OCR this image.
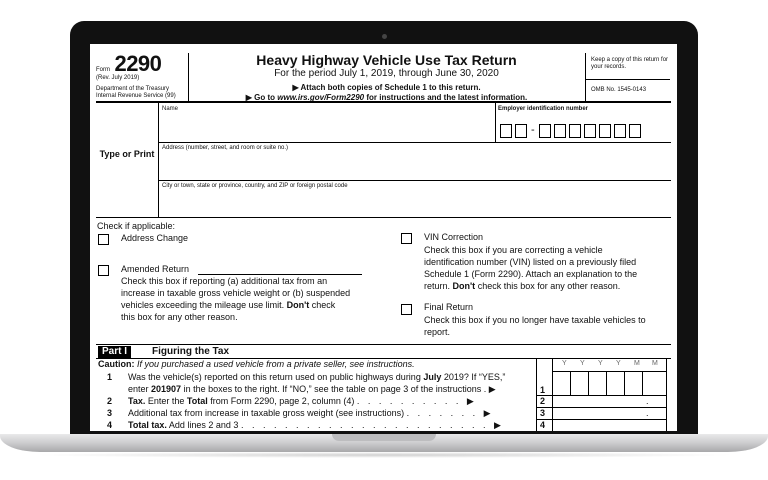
Form 2290
(Rev. July 2019)
Department of the Treasury
Internal Revenue Service (99)
Heavy Highway Vehicle Use Tax Return
For the period July 1, 2019, through June 30, 2020
▶ Attach both copies of Schedule 1 to this return.
▶ Go to www.irs.gov/Form2290 for instructions and the latest information.
Keep a copy of this return for your records.
OMB No. 1545-0143
Type or Print
Name	Employer identification number
-
Address (number, street, and room or suite no.)
City or town, state or province, country, and ZIP or foreign postal code
Check if applicable:
Address Change
Amended Return
Check this box if reporting (a) additional tax from an
increase in taxable gross vehicle weight or (b) suspended
vehicles exceeding the mileage use limit. Don't check
this box for any other reason.
VIN Correction
Check this box if you are correcting a vehicle
identification number (VIN) listed on a previously filed
Schedule 1 (Form 2290). Attach an explanation to the
return. Don't check this box for any other reason.
Final Return
Check this box if you no longer have taxable vehicles to
report.
Part I	Figuring the Tax
Caution: If you purchased a used vehicle from a private seller, see instructions.	Y Y Y Y M M
1 Was the vehicle(s) reported on this return used on public highways during July 2019? If “YES,”
enter 201907 in the boxes to the right. If “NO,” see the table on page 3 of the instructions . ▶	1
2 Tax. Enter the Total from Form 2290, page 2, column (4) . . . . . . . . . . ▶	2	.
3 Additional tax from increase in taxable gross weight (see instructions) . . . . . . . ▶	3	.
4 Total tax. Add lines 2 and 3 . . . . . . . . . . . . . . . . . . . . . . . ▶	4
